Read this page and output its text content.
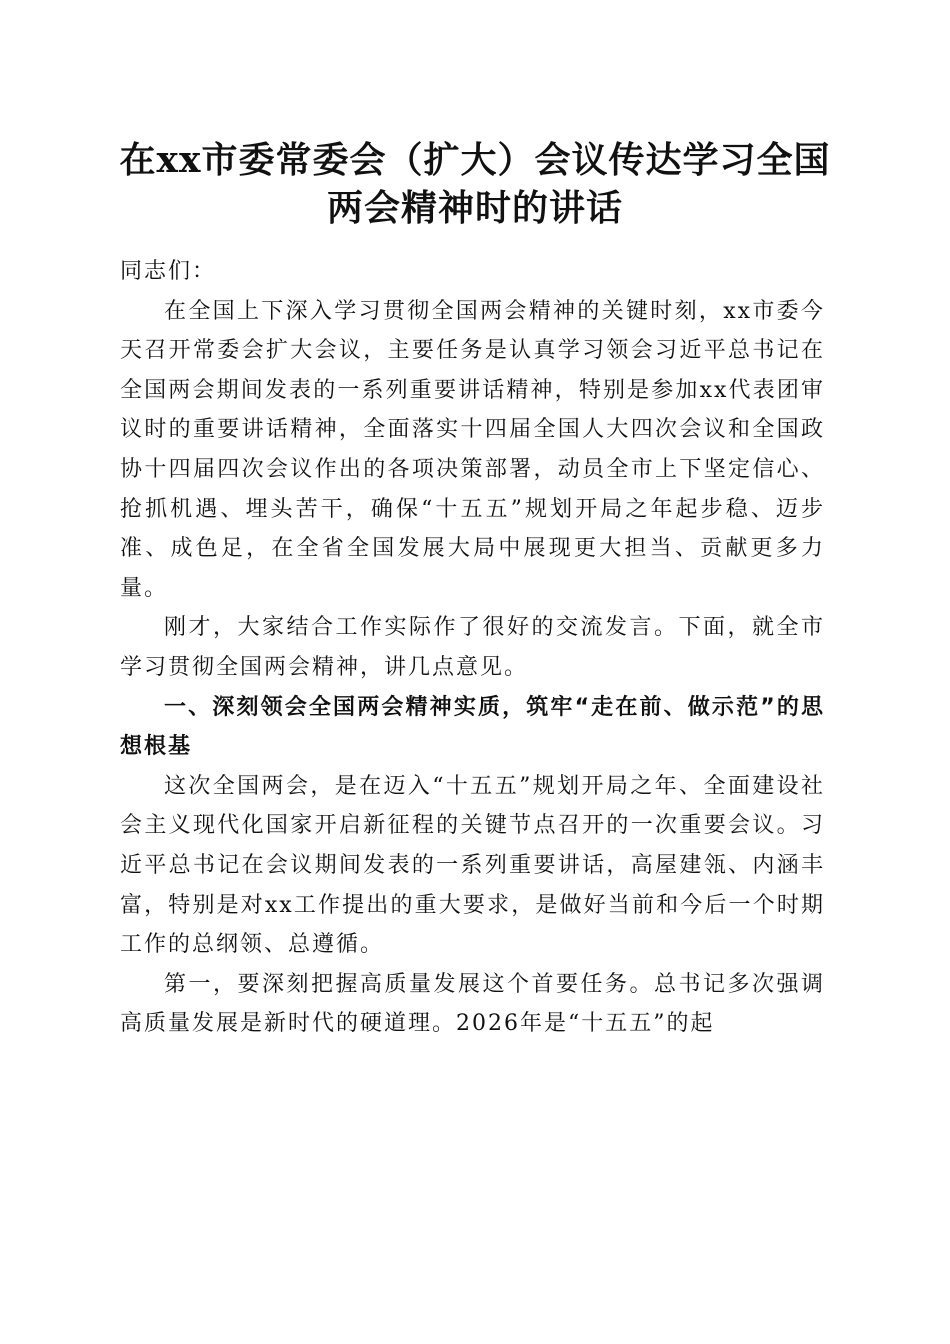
在xx市委常委会（扩大）会议传达学习全国
两会精神时的讲话

同志们：

在全国上下深入学习贯彻全国两会精神的关键时刻，xx市委今天召开常委会扩大会议，主要任务是认真学习领会习近平总书记在全国两会期间发表的一系列重要讲话精神，特别是参加xx代表团审议时的重要讲话精神，全面落实十四届全国人大四次会议和全国政协十四届四次会议作出的各项决策部署，动员全市上下坚定信心、抢抓机遇、埋头苦干，确保“十五五”规划开局之年起步稳、迈步准、成色足，在全省全国发展大局中展现更大担当、贡献更多力量。

刚才，大家结合工作实际作了很好的交流发言。下面，就全市学习贯彻全国两会精神，讲几点意见。

一、深刻领会全国两会精神实质，筑牢“走在前、做示范”的思想根基

这次全国两会，是在迈入“十五五”规划开局之年、全面建设社会主义现代化国家开启新征程的关键节点召开的一次重要会议。习近平总书记在会议期间发表的一系列重要讲话，高屋建瓴、内涵丰富，特别是对xx工作提出的重大要求，是做好当前和今后一个时期工作的总纲领、总遵循。

第一，要深刻把握高质量发展这个首要任务。总书记多次强调高质量发展是新时代的硬道理。2026年是“十五五”的起
